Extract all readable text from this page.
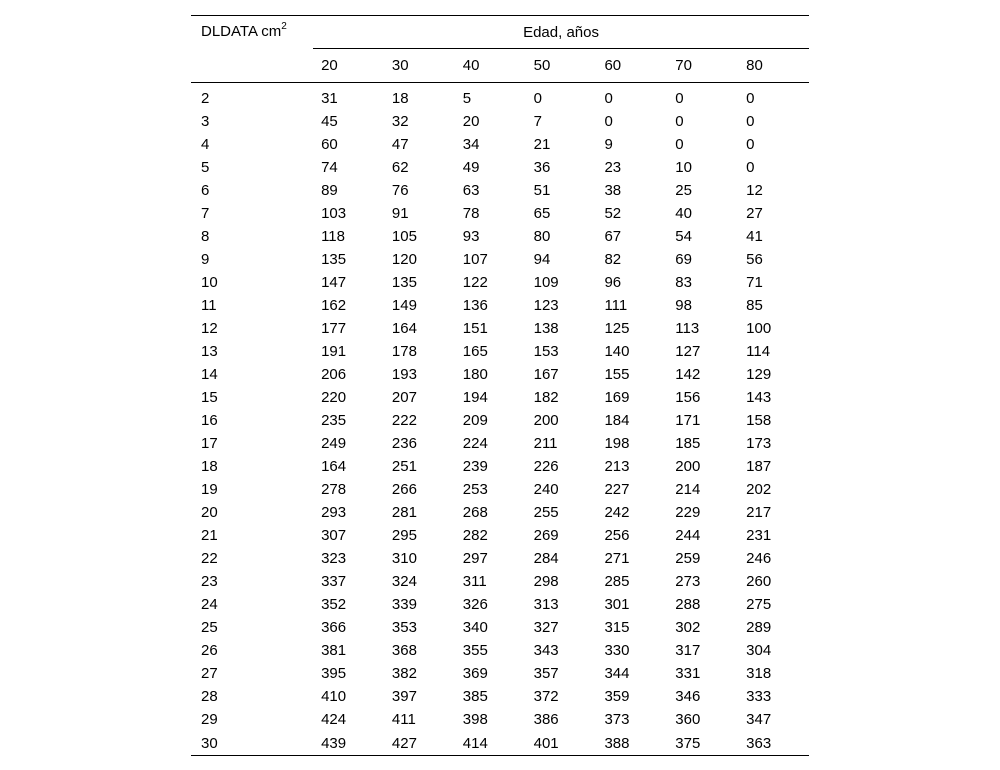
DLDATA $cm^2$	Edad, años						
	20	30	40	50	60	70	80
2	31	18	5	0	0	0	0
3	45	32	20	7	0	0	0
4	60	47	34	21	9	0	0
5	74	62	49	36	23	10	0
6	89	76	63	51	38	25	12
7	103	91	78	65	52	40	27
8	118	105	93	80	67	54	41
9	135	120	107	94	82	69	56
10	147	135	122	109	96	83	71
11	162	149	136	123	111	98	85
12	177	164	151	138	125	113	100
13	191	178	165	153	140	127	114
14	206	193	180	167	155	142	129
15	220	207	194	182	169	156	143
16	235	222	209	200	184	171	158
17	249	236	224	211	198	185	173
18	164	251	239	226	213	200	187
19	278	266	253	240	227	214	202
20	293	281	268	255	242	229	217
21	307	295	282	269	256	244	231
22	323	310	297	284	271	259	246
23	337	324	311	298	285	273	260
24	352	339	326	313	301	288	275
25	366	353	340	327	315	302	289
26	381	368	355	343	330	317	304
27	395	382	369	357	344	331	318
28	410	397	385	372	359	346	333
29	424	411	398	386	373	360	347
30	439	427	414	401	388	375	363
